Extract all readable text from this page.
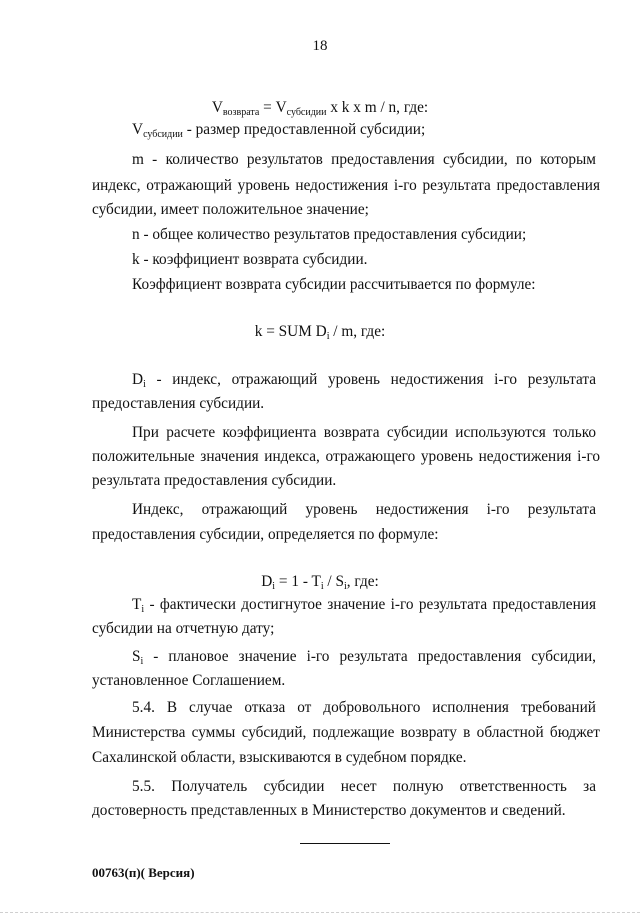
18
$V_{возврата} = V_{субсидии}$ x k x m / n, где:
$V_{субсидии}$ - размер предоставленной субсидии;
m - количество результатов предоставления субсидии, по которым
индекс, отражающий уровень недостижения i-го результата предоставления
субсидии, имеет положительное значение;
n - общее количество результатов предоставления субсидии;
k - коэффициент возврата субсидии.
Коэффициент возврата субсидии рассчитывается по формуле:
k = SUM $D_i$ / m, где:
$D_i$ - индекс, отражающий уровень недостижения i-го результата
предоставления субсидии.
При расчете коэффициента возврата субсидии используются только
положительные значения индекса, отражающего уровень недостижения i-го
результата предоставления субсидии.
Индекс, отражающий уровень недостижения i-го результата
предоставления субсидии, определяется по формуле:
$D_i = 1 - T_i / S_i$, где:
$T_i$ - фактически достигнутое значение i-го результата предоставления
субсидии на отчетную дату;
$S_i$ - плановое значение i-го результата предоставления субсидии,
установленное Соглашением.
5.4. В случае отказа от добровольного исполнения требований
Министерства суммы субсидий, подлежащие возврату в областной бюджет
Сахалинской области, взыскиваются в судебном порядке.
5.5. Получатель субсидии несет полную ответственность за
достоверность представленных в Министерство документов и сведений.
00763(п)( Версия)
